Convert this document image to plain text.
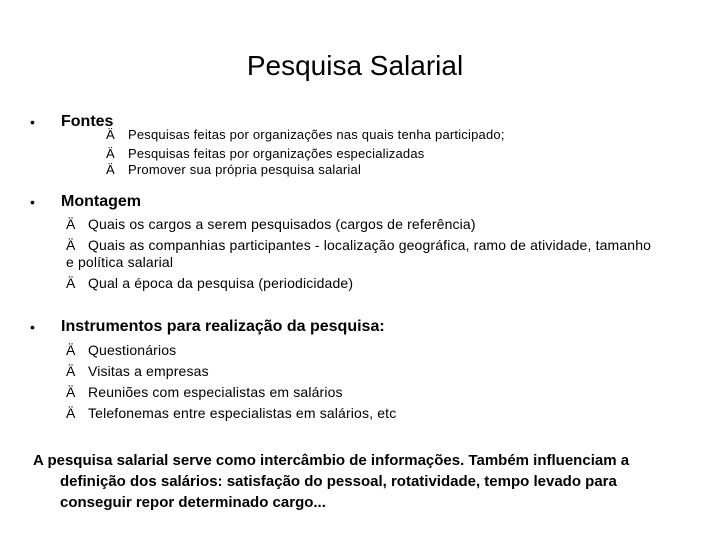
Pesquisa Salarial
• Fontes
Ä Pesquisas feitas por organizações nas quais tenha participado;
Ä Pesquisas feitas por organizações especializadas
Ä Promover sua própria pesquisa salarial
• Montagem
Ä Quais os cargos a serem pesquisados (cargos de referência)
Ä Quais as companhias participantes - localização geográfica, ramo de atividade, tamanho
e política salarial
Ä Qual a época da pesquisa (periodicidade)
• Instrumentos para realização da pesquisa:
Ä Questionários
Ä Visitas a empresas
Ä Reuniões com especialistas em salários
Ä Telefonemas entre especialistas em salários, etc
A pesquisa salarial serve como intercâmbio de informações. Também influenciam a
definição dos salários: satisfação do pessoal, rotatividade, tempo levado para
conseguir repor determinado cargo...
